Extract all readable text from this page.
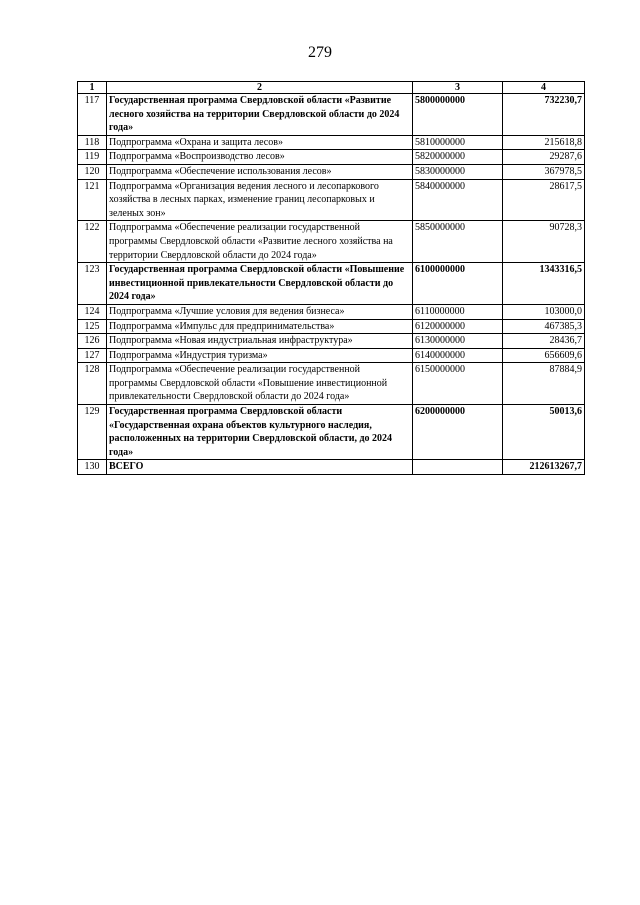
279
1	2	3	4
117	Государственная программа Свердловской области «Развитие лесного хозяйства на территории Свердловской области до 2024 года»	5800000000	732230,7
118	Подпрограмма «Охрана и защита лесов»	5810000000	215618,8
119	Подпрограмма «Воспроизводство лесов»	5820000000	29287,6
120	Подпрограмма «Обеспечение использования лесов»	5830000000	367978,5
121	Подпрограмма «Организация ведения лесного и лесопаркового хозяйства в лесных парках, изменение границ лесопарковых и зеленых зон»	5840000000	28617,5
122	Подпрограмма «Обеспечение реализации государственной программы Свердловской области «Развитие лесного хозяйства на территории Свердловской области до 2024 года»	5850000000	90728,3
123	Государственная программа Свердловской области «Повышение инвестиционной привлекательности Свердловской области до 2024 года»	6100000000	1343316,5
124	Подпрограмма «Лучшие условия для ведения бизнеса»	6110000000	103000,0
125	Подпрограмма «Импульс для предпринимательства»	6120000000	467385,3
126	Подпрограмма «Новая индустриальная инфраструктура»	6130000000	28436,7
127	Подпрограмма «Индустрия туризма»	6140000000	656609,6
128	Подпрограмма «Обеспечение реализации государственной программы Свердловской области «Повышение инвестиционной привлекательности Свердловской области до 2024 года»	6150000000	87884,9
129	Государственная программа Свердловской области «Государственная охрана объектов культурного наследия, расположенных на территории Свердловской области, до 2024 года»	6200000000	50013,6
130	ВСЕГО		212613267,7
